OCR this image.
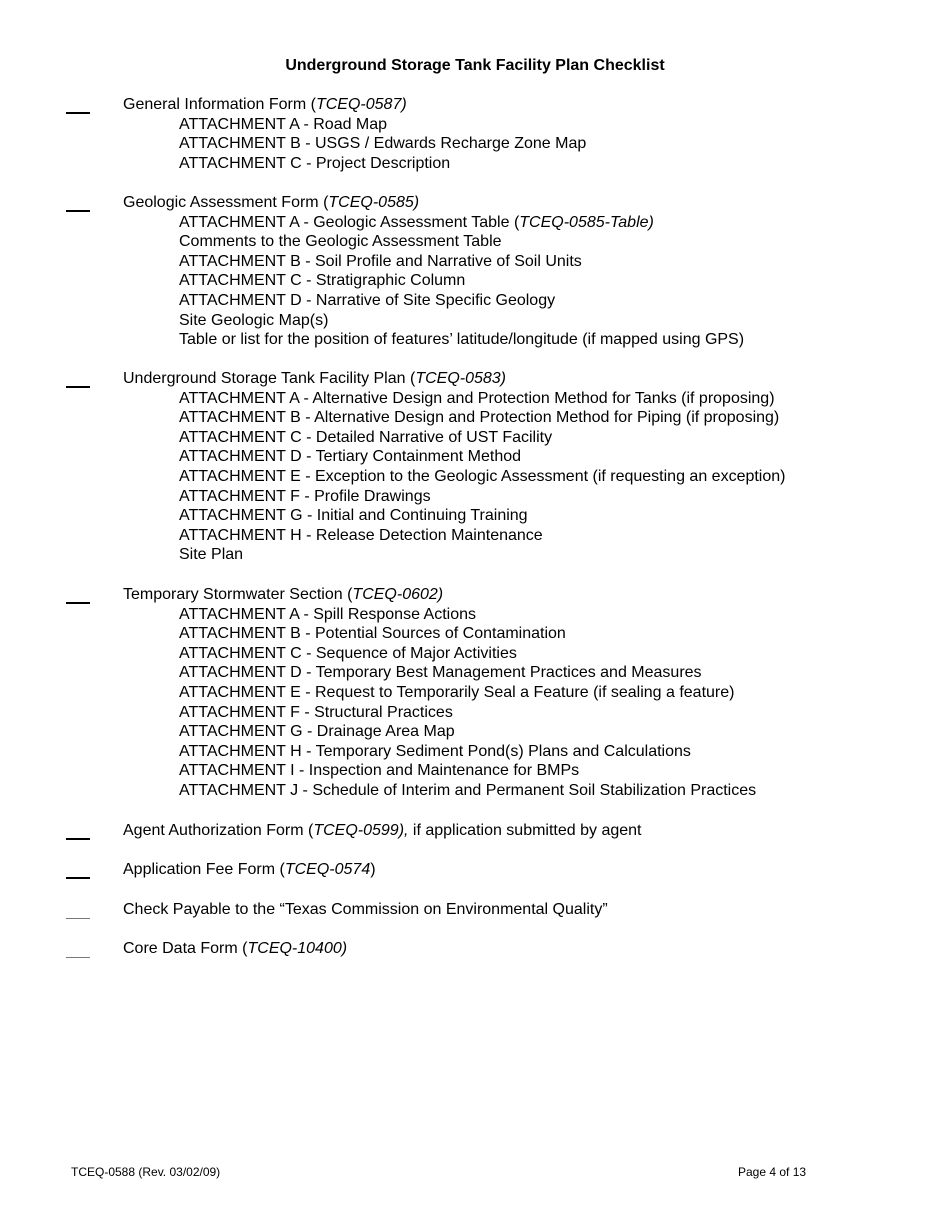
Underground Storage Tank Facility Plan Checklist
General Information Form (TCEQ-0587)
ATTACHMENT A - Road Map
ATTACHMENT B - USGS / Edwards Recharge Zone Map
ATTACHMENT C - Project Description
Geologic Assessment Form (TCEQ-0585)
ATTACHMENT A - Geologic Assessment Table (TCEQ-0585-Table)
Comments to the Geologic Assessment Table
ATTACHMENT B - Soil Profile and Narrative of Soil Units
ATTACHMENT C - Stratigraphic Column
ATTACHMENT D - Narrative of Site Specific Geology
Site Geologic Map(s)
Table or list for the position of features’ latitude/longitude (if mapped using GPS)
Underground Storage Tank Facility Plan (TCEQ-0583)
ATTACHMENT A - Alternative Design and Protection Method for Tanks (if proposing)
ATTACHMENT B - Alternative Design and Protection Method for Piping (if proposing)
ATTACHMENT C - Detailed Narrative of UST Facility
ATTACHMENT D - Tertiary Containment Method
ATTACHMENT E - Exception to the Geologic Assessment (if requesting an exception)
ATTACHMENT F - Profile Drawings
ATTACHMENT G - Initial and Continuing Training
ATTACHMENT H - Release Detection Maintenance
Site Plan
Temporary Stormwater Section (TCEQ-0602)
ATTACHMENT A - Spill Response Actions
ATTACHMENT B - Potential Sources of Contamination
ATTACHMENT C - Sequence of Major Activities
ATTACHMENT D - Temporary Best Management Practices and Measures
ATTACHMENT E - Request to Temporarily Seal a Feature (if sealing a feature)
ATTACHMENT F - Structural Practices
ATTACHMENT G - Drainage Area Map
ATTACHMENT H - Temporary Sediment Pond(s) Plans and Calculations
ATTACHMENT I - Inspection and Maintenance for BMPs
ATTACHMENT J - Schedule of Interim and Permanent Soil Stabilization Practices
Agent Authorization Form (TCEQ-0599), if application submitted by agent
Application Fee Form (TCEQ-0574)
Check Payable to the “Texas Commission on Environmental Quality”
Core Data Form (TCEQ-10400)
TCEQ-0588 (Rev. 03/02/09)	Page 4 of 13
